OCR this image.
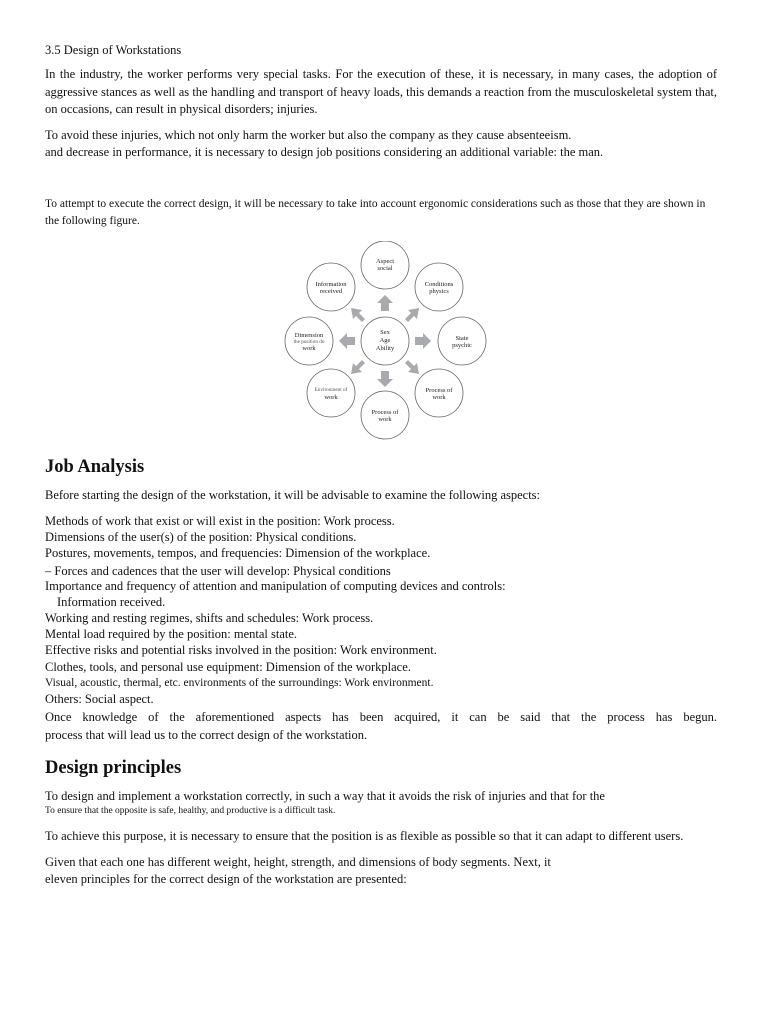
3.5 Design of Workstations

In the industry, the worker performs very special tasks. For the execution of these, it is necessary, in many cases, the adoption of aggressive stances as well as the handling and transport of heavy loads, this demands a reaction from the musculoskeletal system that, on occasions, can result in physical disorders; injuries.

To avoid these injuries, which not only harm the worker but also the company as they cause absenteeism.

and decrease in performance, it is necessary to design job positions considering an additional variable: the man.

To attempt to execute the correct design, it will be necessary to take into account ergonomic considerations such as those that they are shown in the following figure.

Aspect
social
Conditions
physics
State
psychic
Process of
work
Process of
work
Environment of
work
Dimension
the position do
work
Information
received
Sex
Age
Ability
Job Analysis

Before starting the design of the workstation, it will be advisable to examine the following aspects:

Methods of work that exist or will exist in the position: Work process.

Dimensions of the user(s) of the position: Physical conditions.

Postures, movements, tempos, and frequencies: Dimension of the workplace.

– Forces and cadences that the user will develop: Physical conditions

Importance and frequency of attention and manipulation of computing devices and controls:

Information received.

Working and resting regimes, shifts and schedules: Work process.

Mental load required by the position: mental state.

Effective risks and potential risks involved in the position: Work environment.

Clothes, tools, and personal use equipment: Dimension of the workplace.

Visual, acoustic, thermal, etc. environments of the surroundings: Work environment.

Others: Social aspect.

Once knowledge of the aforementioned aspects has been acquired, it can be said that the process has begun.

process that will lead us to the correct design of the workstation.

Design principles

To design and implement a workstation correctly, in such a way that it avoids the risk of injuries and that for the

To ensure that the opposite is safe, healthy, and productive is a difficult task.

To achieve this purpose, it is necessary to ensure that the position is as flexible as possible so that it can adapt to different users.

Given that each one has different weight, height, strength, and dimensions of body segments. Next, it

eleven principles for the correct design of the workstation are presented:
